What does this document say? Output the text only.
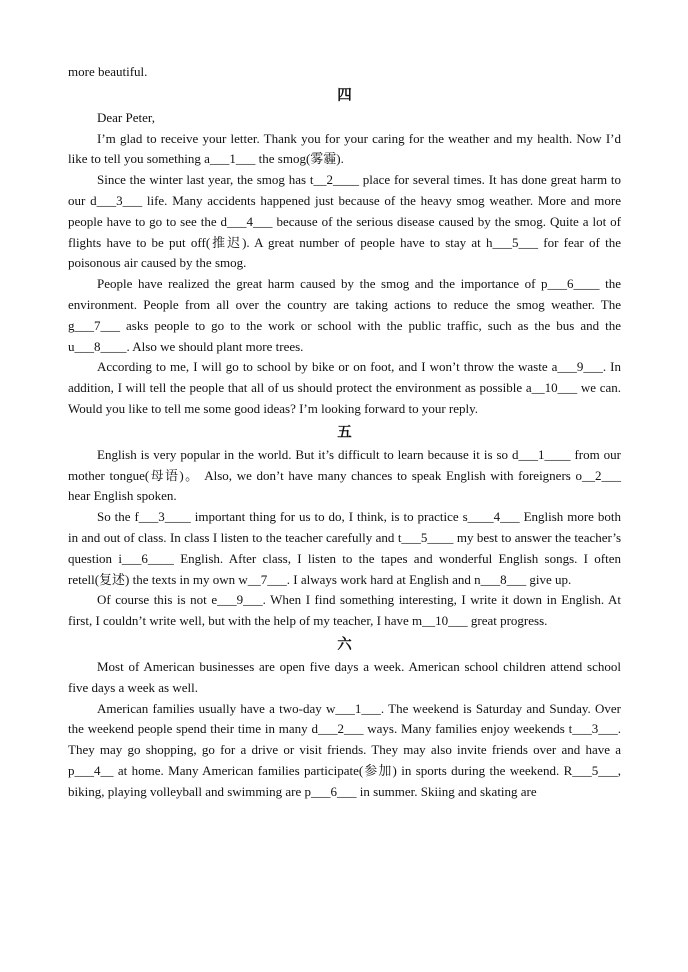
more beautiful.

四

Dear Peter,

I’m glad to receive your letter. Thank you for your caring for the weather and my health. Now I’d like to tell you something a___1___ the smog(雾霾).

Since the winter last year, the smog has t__2____ place for several times. It has done great harm to our d___3___ life. Many accidents happened just because of the heavy smog weather. More and more people have to go to see the d___4___ because of the serious disease caused by the smog. Quite a lot of flights have to be put off(推迟). A great number of people have to stay at h___5___ for fear of the poisonous air caused by the smog.

People have realized the great harm caused by the smog and the importance of p___6____ the environment. People from all over the country are taking actions to reduce the smog weather. The g___7___ asks people to go to the work or school with the public traffic, such as the bus and the u___8____. Also we should plant more trees.

According to me, I will go to school by bike or on foot, and I won’t throw the waste a___9___. In addition, I will tell the people that all of us should protect the environment as possible a__10___ we can. Would you like to tell me some good ideas? I’m looking forward to your reply.

五

English is very popular in the world. But it’s difficult to learn because it is so d___1____ from our mother tongue(母语)。 Also, we don’t have many chances to speak English with foreigners o__2___ hear English spoken.

So the f___3____ important thing for us to do, I think, is to practice s____4___ English more both in and out of class. In class I listen to the teacher carefully and t___5____ my best to answer the teacher’s question i___6____ English. After class, I listen to the tapes and wonderful English songs. I often retell(复述) the texts in my own w__7___. I always work hard at English and n___8___ give up.

Of course this is not e___9___. When I find something interesting, I write it down in English. At first, I couldn’t write well, but with the help of my teacher, I have m__10___ great progress.

六

Most of American businesses are open five days a week. American school children attend school five days a week as well.

American families usually have a two-day w___1___. The weekend is Saturday and Sunday. Over the weekend people spend their time in many d___2___ ways. Many families enjoy weekends t___3___. They may go shopping, go for a drive or visit friends. They may also invite friends over and have a p___4__ at home. Many American families participate(参加) in sports during the weekend. R___5___, biking, playing volleyball and swimming are p___6___ in summer. Skiing and skating are
